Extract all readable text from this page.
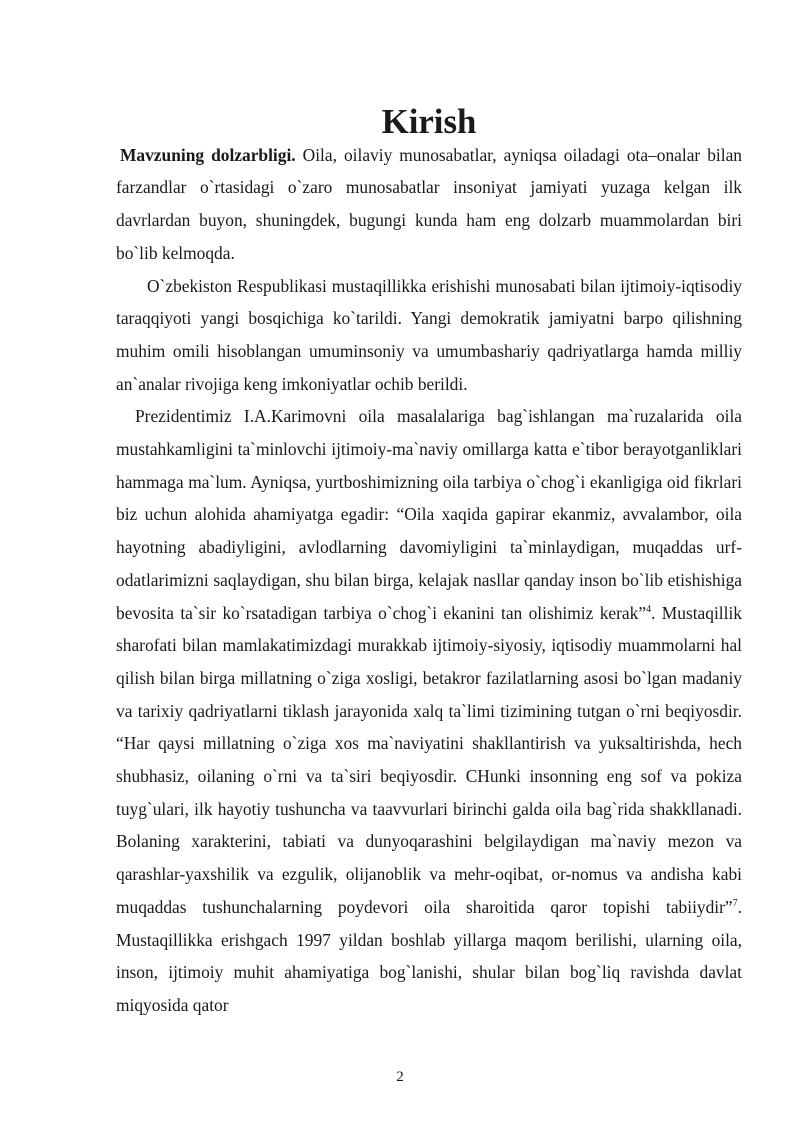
Kirish

Mavzuning dolzarbligi. Oila, oilaviy munosabatlar, ayniqsa oiladagi ota–onalar bilan farzandlar o`rtasidagi o`zaro munosabatlar insoniyat jamiyati yuzaga kelgan ilk davrlardan buyon, shuningdek, bugungi kunda ham eng dolzarb muammolardan biri bo`lib kelmoqda.

O`zbekiston Respublikasi mustaqillikka erishishi munosabati bilan ijtimoiy-iqtisodiy taraqqiyoti yangi bosqichiga ko`tarildi. Yangi demokratik jamiyatni barpo qilishning muhim omili hisoblangan umuminsoniy va umumbashariy qadriyatlarga hamda milliy an`analar rivojiga keng imkoniyatlar ochib berildi.

Prezidentimiz I.A.Karimovni oila masalalariga bag`ishlangan ma`ruzalarida oila mustahkamligini ta`minlovchi ijtimoiy-ma`naviy omillarga katta e`tibor berayotganliklari hammaga ma`lum. Ayniqsa, yurtboshimizning oila tarbiya o`chog`i ekanligiga oid fikrlari biz uchun alohida ahamiyatga egadir: “Oila xaqida gapirar ekanmiz, avvalambor, oila hayotning abadiyligini, avlodlarning davomiyligini ta`minlaydigan, muqaddas urf-odatlarimizni saqlaydigan, shu bilan birga, kelajak nasllar qanday inson bo`lib etishishiga bevosita ta`sir ko`rsatadigan tarbiya o`chog`i ekanini tan olishimiz kerak”$^4$. Mustaqillik sharofati bilan mamlakatimizdagi murakkab ijtimoiy-siyosiy, iqtisodiy muammolarni hal qilish bilan birga millatning o`ziga xosligi, betakror fazilatlarning asosi bo`lgan madaniy va tarixiy qadriyatlarni tiklash jarayonida xalq ta`limi tizimining tutgan o`rni beqiyosdir. “Har qaysi millatning o`ziga xos ma`naviyatini shakllantirish va yuksaltirishda, hech shubhasiz, oilaning o`rni va ta`siri beqiyosdir. CHunki insonning eng sof va pokiza tuyg`ulari, ilk hayotiy tushuncha va taavvurlari birinchi galda oila bag`rida shakkllanadi. Bolaning xarakterini, tabiati va dunyoqarashini belgilaydigan ma`naviy mezon va qarashlar-yaxshilik va ezgulik, olijanoblik va mehr-oqibat, or-nomus va andisha kabi muqaddas tushunchalarning poydevori oila sharoitida qaror topishi tabiiydir”$^7$. Mustaqillikka erishgach 1997 yildan boshlab yillarga maqom berilishi, ularning oila, inson, ijtimoiy muhit ahamiyatiga bog`lanishi, shular bilan bog`liq ravishda davlat miqyosida qator

2
